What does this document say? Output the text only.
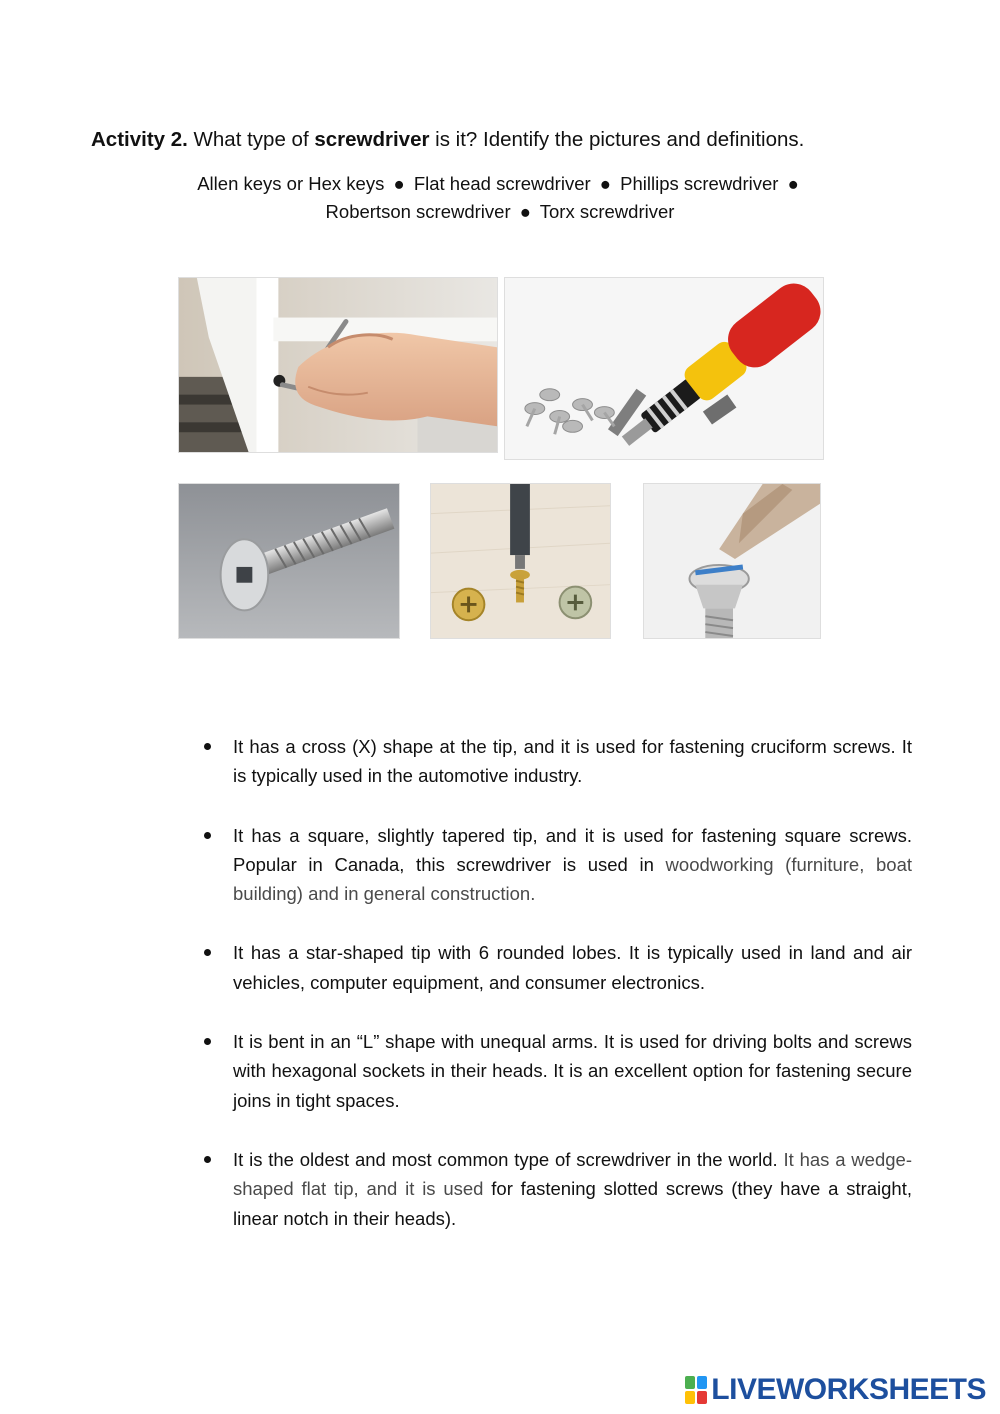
Activity 2. What type of screwdriver is it? Identify the pictures and definitions.
Allen keys or Hex keys ● Flat head screwdriver ● Phillips screwdriver ●
Robertson screwdriver ● Torx screwdriver
It has a cross (X) shape at the tip, and it is used for fastening cruciform screws. It is typically used in the automotive industry.
It has a square, slightly tapered tip, and it is used for fastening square screws. Popular in Canada, this screwdriver is used in woodworking (furniture, boat building) and in general construction.
It has a star-shaped tip with 6 rounded lobes. It is typically used in land and air vehicles, computer equipment, and consumer electronics.
It is bent in an “L” shape with unequal arms. It is used for driving bolts and screws with hexagonal sockets in their heads. It is an excellent option for fastening secure joins in tight spaces.
It is the oldest and most common type of screwdriver in the world. It has a wedge-shaped flat tip, and it is used for fastening slotted screws (they have a straight, linear notch in their heads).
LIVEWORKSHEETS
